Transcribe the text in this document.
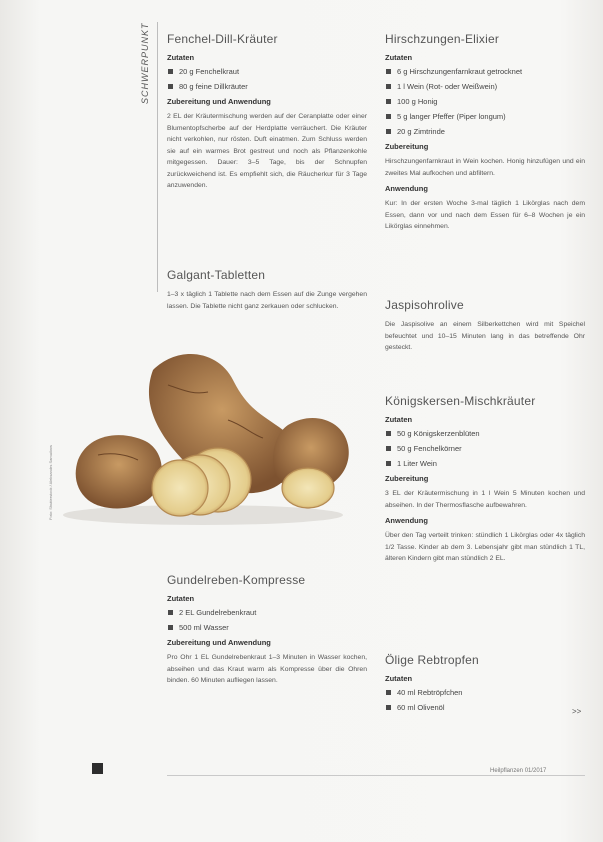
SCHWERPUNKT
Foto: Shutterstock / Aleksandrs Samuilovs
Fenchel-Dill-Kräuter
Zutaten
20 g Fenchelkraut
80 g feine Dillkräuter
Zubereitung und Anwendung

2 EL der Kräutermischung werden auf der Ceranplatte oder einer Blumentopfscherbe auf der Herdplatte verräuchert. Die Kräuter nicht verkohlen, nur rösten. Duft einatmen. Zum Schluss werden sie auf ein warmes Brot gestreut und noch als Pflanzenkohle mitgegessen. Dauer: 3–5 Tage, bis der Schnupfen zurückweichend ist. Es empfiehlt sich, die Räucherkur für 3 Tage anzuwenden.

Galgant-Tabletten

1–3 x täglich 1 Tablette nach dem Essen auf die Zunge vergehen lassen. Die Tablette nicht ganz zerkauen oder schlucken.

Gundelreben-Kompresse
Zutaten
2 EL Gundelrebenkraut
500 ml Wasser
Zubereitung und Anwendung

Pro Ohr 1 EL Gundelrebenkraut 1–3 Minuten in Wasser kochen, abseihen und das Kraut warm als Kompresse über die Ohren binden. 60 Minuten aufliegen lassen.

Hirschzungen-Elixier
Zutaten
6 g Hirschzungenfarnkraut getrocknet
1 l Wein (Rot- oder Weißwein)
100 g Honig
5 g langer Pfeffer (Piper longum)
20 g Zimtrinde
Zubereitung

Hirschzungenfarnkraut in Wein kochen. Honig hinzufügen und ein zweites Mal aufkochen und abfiltern.

Anwendung

Kur: In der ersten Woche 3-mal täglich 1 Likörglas nach dem Essen, dann vor und nach dem Essen für 6–8 Wochen je ein Likörglas einnehmen.

Jaspisohrolive

Die Jaspisolive an einem Silberkettchen wird mit Speichel befeuchtet und 10–15 Minuten lang in das betreffende Ohr gesteckt.

Königskersen-Mischkräuter
Zutaten
50 g Königskerzenblüten
50 g Fenchelkörner
1 Liter Wein
Zubereitung

3 EL der Kräutermischung in 1 l Wein 5 Minuten kochen und abseihen. In der Thermosflasche aufbewahren.

Anwendung

Über den Tag verteilt trinken: stündlich 1 Likörglas oder 4x täglich 1/2 Tasse. Kinder ab dem 3. Lebensjahr gibt man stündlich 1 TL, älteren Kindern gibt man stündlich 2 EL.

Ölige Rebtropfen
Zutaten
40 ml Rebtröpfchen
60 ml Olivenöl	>>
Heilpflanzen 01/2017
